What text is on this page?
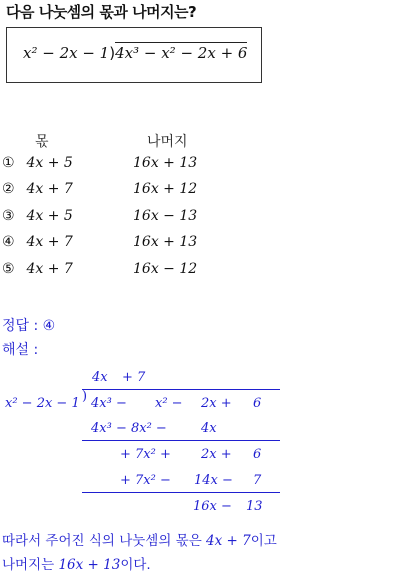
다음 나눗셈의 몫과 나머지는?
x² − 2x − 1)4x³ − x² − 2x + 6
몫	나머지
① 4x + 5	16x + 13
② 4x + 7	16x + 12
③ 4x + 5	16x − 13
④ 4x + 7	16x + 13
⑤ 4x + 7	16x − 12
정답 : ④
해설 :
4x + 7
x² − 2x − 1 ) 4x³ − x² − 2x + 6
4x³ − 8x² −	4x
+ 7x² + 2x + 6
+ 7x² − 14x − 7
16x − 13
따라서 주어진 식의 나눗셈의 몫은 4x + 7이고
나머지는 16x + 13이다.
